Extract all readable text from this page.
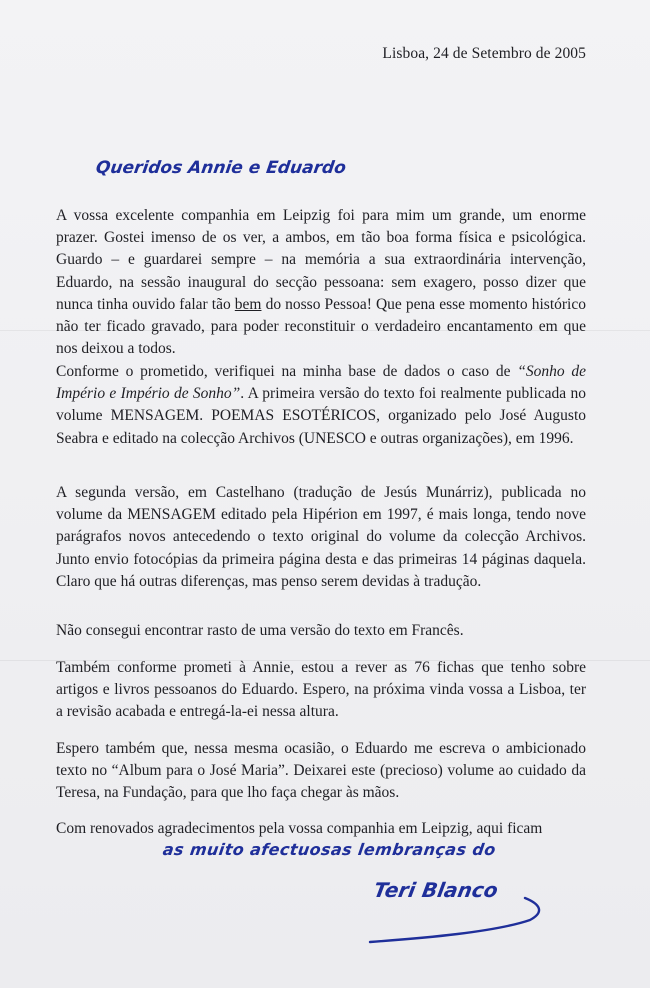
Lisboa, 24 de Setembro de 2005
Queridos Annie e Eduardo

A vossa excelente companhia em Leipzig foi para mim um grande, um enorme prazer. Gostei imenso de os ver, a ambos, em tão boa forma física e psicológica. Guardo – e guardarei sempre – na memória a sua extraordinária intervenção, Eduardo, na sessão inaugural do secção pessoana: sem exagero, posso dizer que nunca tinha ouvido falar tão bem do nosso Pessoa! Que pena esse momento histórico não ter ficado gravado, para poder reconstituir o verdadeiro encantamento em que nos deixou a todos.

Conforme o prometido, verifiquei na minha base de dados o caso de “Sonho de Império e Império de Sonho”. A primeira versão do texto foi realmente publicada no volume MENSAGEM. POEMAS ESOTÉRICOS, organizado pelo José Augusto Seabra e editado na colecção Archivos (UNESCO e outras organizações), em 1996.

A segunda versão, em Castelhano (tradução de Jesús Munárriz), publicada no volume da MENSAGEM editado pela Hipérion em 1997, é mais longa, tendo nove parágrafos novos antecedendo o texto original do volume da colecção Archivos. Junto envio fotocópias da primeira página desta e das primeiras 14 páginas daquela. Claro que há outras diferenças, mas penso serem devidas à tradução.

Não consegui encontrar rasto de uma versão do texto em Francês.

Também conforme prometi à Annie, estou a rever as 76 fichas que tenho sobre artigos e livros pessoanos do Eduardo. Espero, na próxima vinda vossa a Lisboa, ter a revisão acabada e entregá-la-ei nessa altura.

Espero também que, nessa mesma ocasião, o Eduardo me escreva o ambicionado texto no “Album para o José Maria”. Deixarei este (precioso) volume ao cuidado da Teresa, na Fundação, para que lho faça chegar às mãos.

Com renovados agradecimentos pela vossa companhia em Leipzig, aqui ficam

as muito afectuosas lembranças do
Teri Blanco
